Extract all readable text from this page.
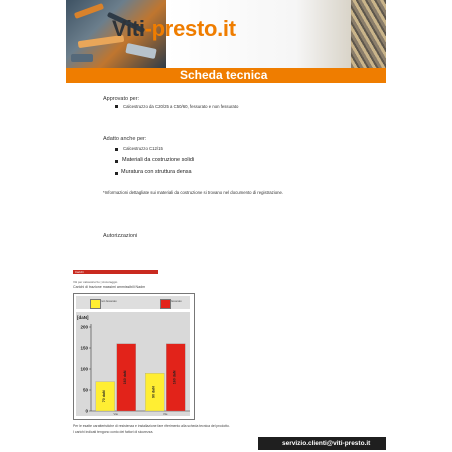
Viti-presto.it
Scheda tecnica
Approvato per:
Calcestruzzo da C20/25 a C50/60, fessurato e non fessurato
Adatto anche per:
Calcestruzzo C12/15
Materiali da costruzione solidi
Muratura con struttura densa
*Informazioni dettagliate sui materiali da costruzione si trovano nel documento di registrazione.
Autorizzazioni
Carichi
Viti per calcestruzzo | Ancoraggio
Carichi di trazione massimi ammissibili Nadm
non fessurato	fessurato
[daN]
0
50
100
150
200
70 daN
160 daN
Vite
90 daN
160 daN
Vite
Per le esatte caratteristiche di resistenza e installazione fare riferimento alla scheda tecnica del prodotto.
I carichi indicati tengono conto dei fattori di sicurezza.
servizio.clienti@viti-presto.it
